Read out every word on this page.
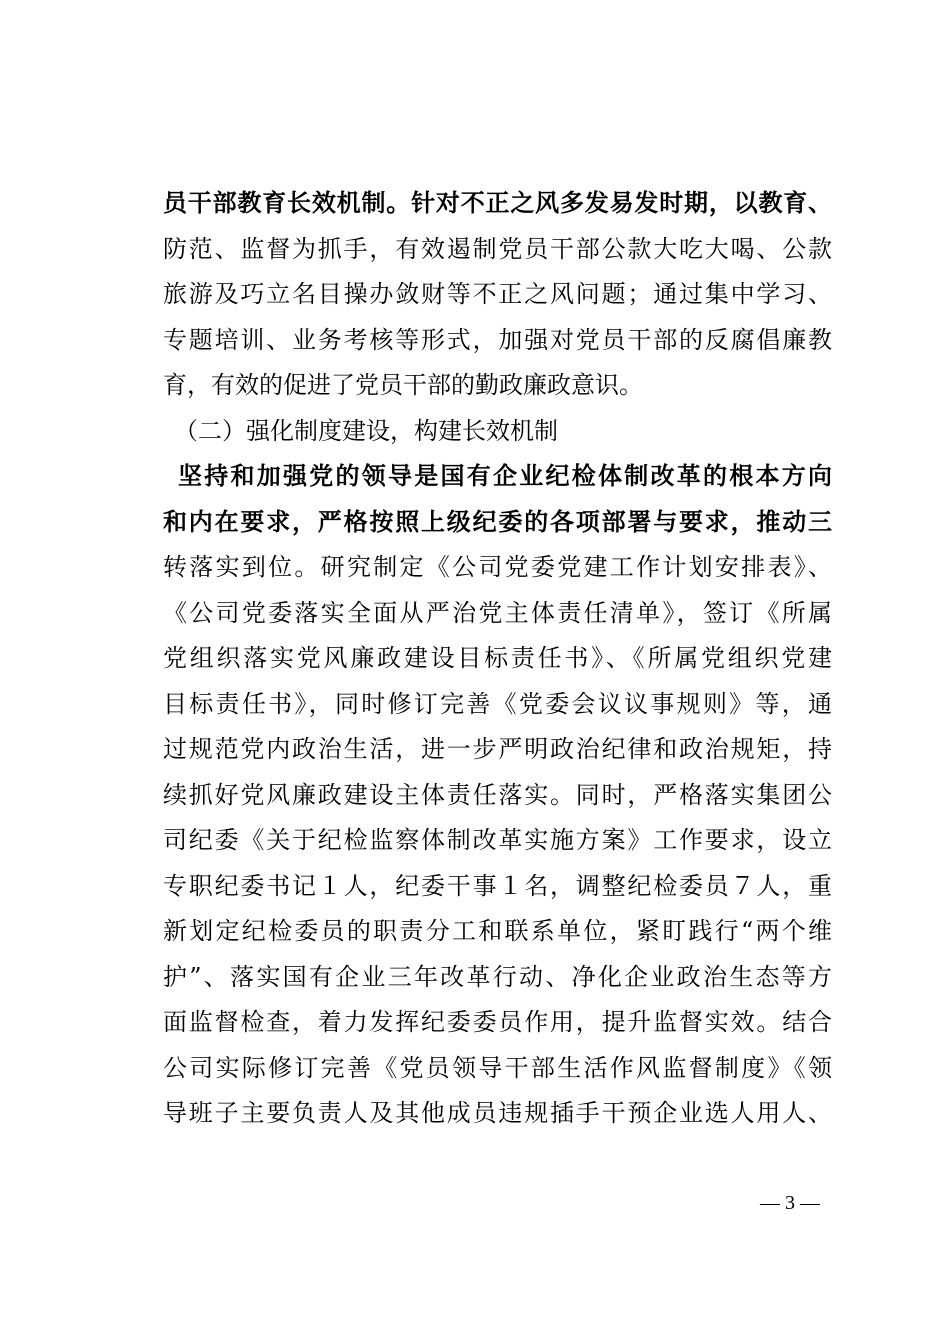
员干部教育长效机制。针对不正之风多发易发时期，以教育、
防范、监督为抓手，有效遏制党员干部公款大吃大喝、公款
旅游及巧立名目操办敛财等不正之风问题；通过集中学习、
专题培训、业务考核等形式，加强对党员干部的反腐倡廉教
育，有效的促进了党员干部的勤政廉政意识。
（二）强化制度建设，构建长效机制
坚持和加强党的领导是国有企业纪检体制改革的根本方向
和内在要求，严格按照上级纪委的各项部署与要求，推动三
转落实到位。研究制定《公司党委党建工作计划安排表》、
《公司党委落实全面从严治党主体责任清单》，签订《所属
党组织落实党风廉政建设目标责任书》、《所属党组织党建
目标责任书》，同时修订完善《党委会议议事规则》等，通
过规范党内政治生活，进一步严明政治纪律和政治规矩，持
续抓好党风廉政建设主体责任落实。同时，严格落实集团公
司纪委《关于纪检监察体制改革实施方案》工作要求，设立
专职纪委书记１人，纪委干事１名，调整纪检委员７人，重
新划定纪检委员的职责分工和联系单位，紧盯践行“两个维
护”、落实国有企业三年改革行动、净化企业政治生态等方
面监督检查，着力发挥纪委委员作用，提升监督实效。结合
公司实际修订完善《党员领导干部生活作风监督制度》《领
导班子主要负责人及其他成员违规插手干预企业选人用人、
— 3 —
